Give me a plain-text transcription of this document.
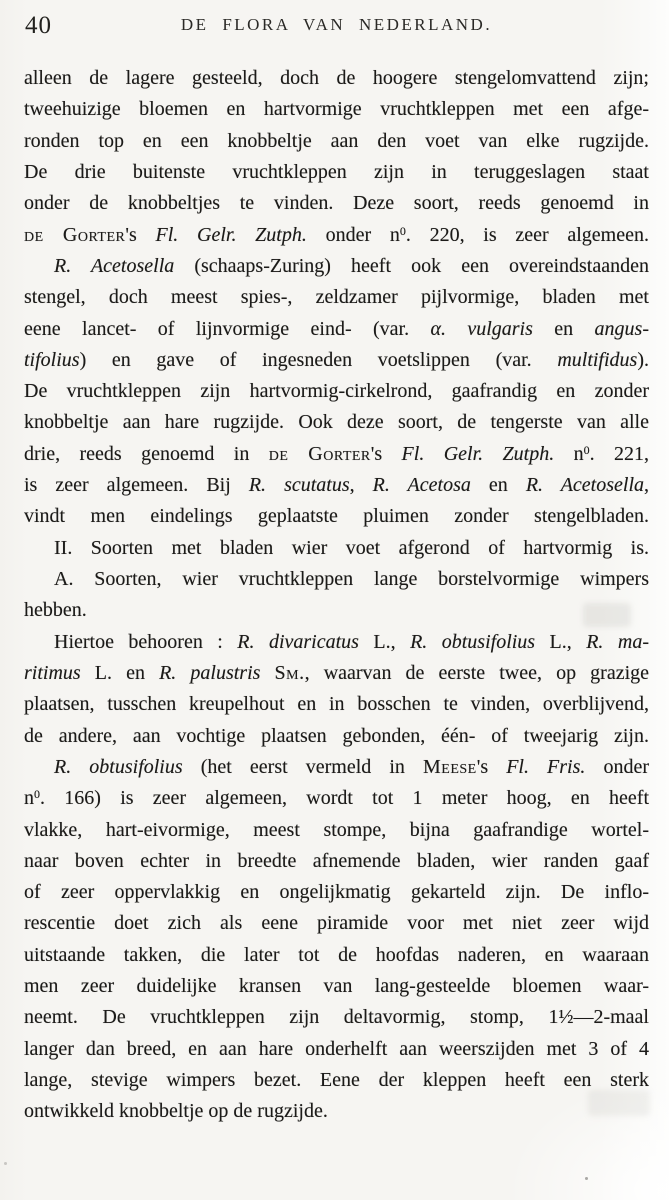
40	DE FLORA VAN NEDERLAND.
alleen de lagere gesteeld, doch de hoogere stengelomvattend zijn;
tweehuizige bloemen en hartvormige vruchtkleppen met een afge-
ronden top en een knobbeltje aan den voet van elke rugzijde.
De drie buitenste vruchtkleppen zijn in teruggeslagen staat
onder de knobbeltjes te vinden. Deze soort, reeds genoemd in
de Gorter's Fl. Gelr. Zutph. onder $n^0$. 220, is zeer algemeen.
R. Acetosella (schaaps-Zuring) heeft ook een overeindstaanden
stengel, doch meest spies-, zeldzamer pijlvormige, bladen met
eene lancet- of lijnvormige eind- (var. α. vulgaris en angus-
tifolius) en gave of ingesneden voetslippen (var. multifidus).
De vruchtkleppen zijn hartvormig-cirkelrond, gaafrandig en zonder
knobbeltje aan hare rugzijde. Ook deze soort, de tengerste van alle
drie, reeds genoemd in de Gorter's Fl. Gelr. Zutph. $n^0$. 221,
is zeer algemeen. Bij R. scutatus, R. Acetosa en R. Acetosella,
vindt men eindelings geplaatste pluimen zonder stengelbladen.
II. Soorten met bladen wier voet afgerond of hartvormig is.
A. Soorten, wier vruchtkleppen lange borstelvormige wimpers
hebben.
Hiertoe behooren : R. divaricatus L., R. obtusifolius L., R. ma-
ritimus L. en R. palustris Sm., waarvan de eerste twee, op grazige
plaatsen, tusschen kreupelhout en in bosschen te vinden, overblijvend,
de andere, aan vochtige plaatsen gebonden, één- of tweejarig zijn.
R. obtusifolius (het eerst vermeld in Meese's Fl. Fris. onder
$n^0$. 166) is zeer algemeen, wordt tot 1 meter hoog, en heeft
vlakke, hart-eivormige, meest stompe, bijna gaafrandige wortel-
naar boven echter in breedte afnemende bladen, wier randen gaaf
of zeer oppervlakkig en ongelijkmatig gekarteld zijn. De inflo-
rescentie doet zich als eene piramide voor met niet zeer wijd
uitstaande takken, die later tot de hoofdas naderen, en waaraan
men zeer duidelijke kransen van lang-gesteelde bloemen waar-
neemt. De vruchtkleppen zijn deltavormig, stomp, 1½—2-maal
langer dan breed, en aan hare onderhelft aan weerszijden met 3 of 4
lange, stevige wimpers bezet. Eene der kleppen heeft een sterk
ontwikkeld knobbeltje op de rugzijde.
